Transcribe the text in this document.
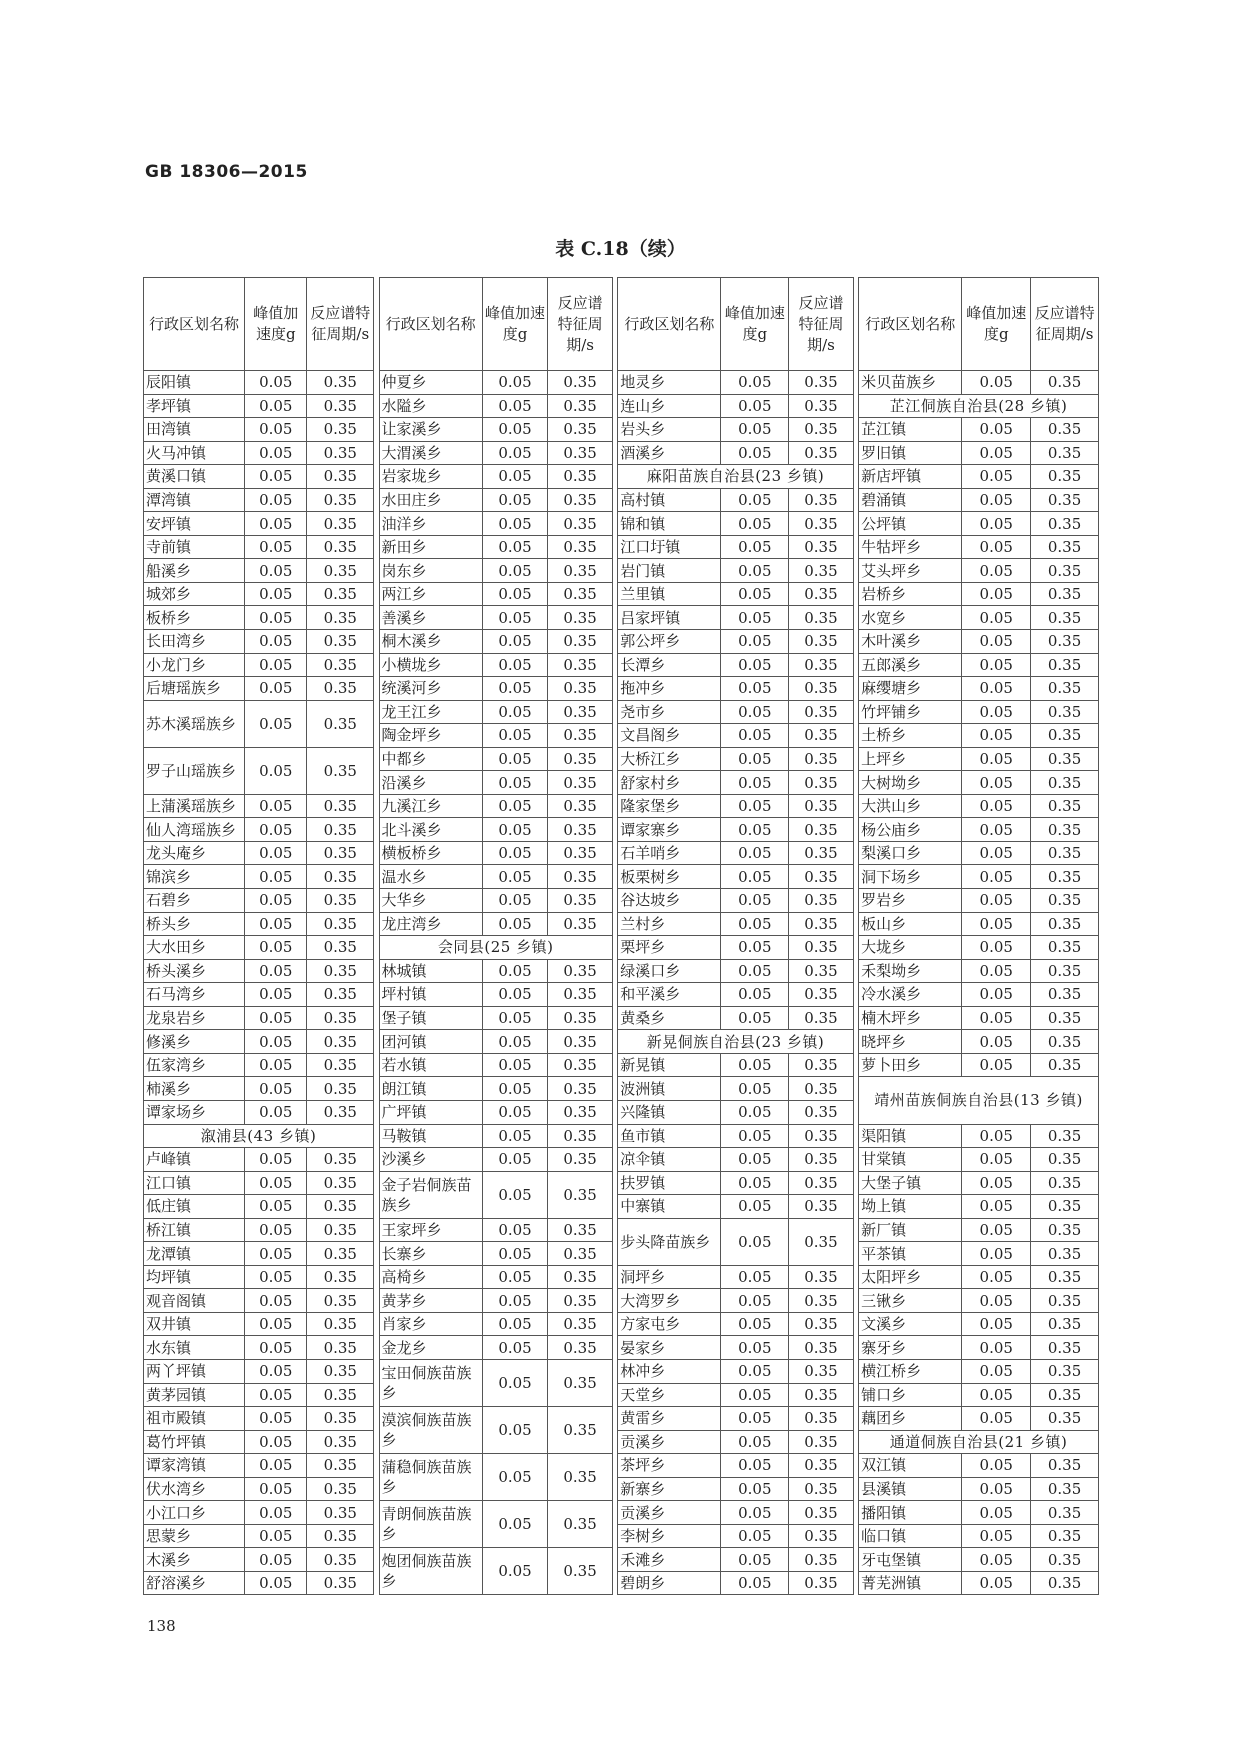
GB 18306—2015
表 C.18（续）
行政区划名称	峰值加速度g	反应谱特征周期/s		行政区划名称	峰值加速度g	反应谱特征周期/s		行政区划名称	峰值加速度g	反应谱特征周期/s		行政区划名称	峰值加速度g	反应谱特征周期/s
辰阳镇	0.05	0.35		仲夏乡	0.05	0.35		地灵乡	0.05	0.35		米贝苗族乡	0.05	0.35
孝坪镇	0.05	0.35		水隘乡	0.05	0.35		连山乡	0.05	0.35		芷江侗族自治县(28 乡镇)		
田湾镇	0.05	0.35		让家溪乡	0.05	0.35		岩头乡	0.05	0.35		芷江镇	0.05	0.35
火马冲镇	0.05	0.35		大渭溪乡	0.05	0.35		酒溪乡	0.05	0.35		罗旧镇	0.05	0.35
黄溪口镇	0.05	0.35		岩家垅乡	0.05	0.35		麻阳苗族自治县(23 乡镇)				新店坪镇	0.05	0.35
潭湾镇	0.05	0.35		水田庄乡	0.05	0.35		高村镇	0.05	0.35		碧涌镇	0.05	0.35
安坪镇	0.05	0.35		油洋乡	0.05	0.35		锦和镇	0.05	0.35		公坪镇	0.05	0.35
寺前镇	0.05	0.35		新田乡	0.05	0.35		江口圩镇	0.05	0.35		牛牯坪乡	0.05	0.35
船溪乡	0.05	0.35		岗东乡	0.05	0.35		岩门镇	0.05	0.35		艾头坪乡	0.05	0.35
城郊乡	0.05	0.35		两江乡	0.05	0.35		兰里镇	0.05	0.35		岩桥乡	0.05	0.35
板桥乡	0.05	0.35		善溪乡	0.05	0.35		吕家坪镇	0.05	0.35		水宽乡	0.05	0.35
长田湾乡	0.05	0.35		桐木溪乡	0.05	0.35		郭公坪乡	0.05	0.35		木叶溪乡	0.05	0.35
小龙门乡	0.05	0.35		小横垅乡	0.05	0.35		长潭乡	0.05	0.35		五郎溪乡	0.05	0.35
后塘瑶族乡	0.05	0.35		统溪河乡	0.05	0.35		拖冲乡	0.05	0.35		麻缨塘乡	0.05	0.35
苏木溪瑶族乡	0.05	0.35		龙王江乡	0.05	0.35		尧市乡	0.05	0.35		竹坪铺乡	0.05	0.35
				陶金坪乡	0.05	0.35		文昌阁乡	0.05	0.35		土桥乡	0.05	0.35
罗子山瑶族乡	0.05	0.35		中都乡	0.05	0.35		大桥江乡	0.05	0.35		上坪乡	0.05	0.35
				沿溪乡	0.05	0.35		舒家村乡	0.05	0.35		大树坳乡	0.05	0.35
上蒲溪瑶族乡	0.05	0.35		九溪江乡	0.05	0.35		隆家堡乡	0.05	0.35		大洪山乡	0.05	0.35
仙人湾瑶族乡	0.05	0.35		北斗溪乡	0.05	0.35		谭家寨乡	0.05	0.35		杨公庙乡	0.05	0.35
龙头庵乡	0.05	0.35		横板桥乡	0.05	0.35		石羊哨乡	0.05	0.35		梨溪口乡	0.05	0.35
锦滨乡	0.05	0.35		温水乡	0.05	0.35		板栗树乡	0.05	0.35		洞下场乡	0.05	0.35
石碧乡	0.05	0.35		大华乡	0.05	0.35		谷达坡乡	0.05	0.35		罗岩乡	0.05	0.35
桥头乡	0.05	0.35		龙庄湾乡	0.05	0.35		兰村乡	0.05	0.35		板山乡	0.05	0.35
大水田乡	0.05	0.35		会同县(25 乡镇)				栗坪乡	0.05	0.35		大垅乡	0.05	0.35
桥头溪乡	0.05	0.35		林城镇	0.05	0.35		绿溪口乡	0.05	0.35		禾梨坳乡	0.05	0.35
石马湾乡	0.05	0.35		坪村镇	0.05	0.35		和平溪乡	0.05	0.35		冷水溪乡	0.05	0.35
龙泉岩乡	0.05	0.35		堡子镇	0.05	0.35		黄桑乡	0.05	0.35		楠木坪乡	0.05	0.35
修溪乡	0.05	0.35		团河镇	0.05	0.35		新晃侗族自治县(23 乡镇)				晓坪乡	0.05	0.35
伍家湾乡	0.05	0.35		若水镇	0.05	0.35		新晃镇	0.05	0.35		萝卜田乡	0.05	0.35
柿溪乡	0.05	0.35		朗江镇	0.05	0.35		波洲镇	0.05	0.35		靖州苗族侗族自治县(13 乡镇)		
谭家场乡	0.05	0.35		广坪镇	0.05	0.35		兴隆镇	0.05	0.35				
溆浦县(43 乡镇)				马鞍镇	0.05	0.35		鱼市镇	0.05	0.35		渠阳镇	0.05	0.35
卢峰镇	0.05	0.35		沙溪乡	0.05	0.35		凉伞镇	0.05	0.35		甘棠镇	0.05	0.35
江口镇	0.05	0.35		金子岩侗族苗族乡	0.05	0.35		扶罗镇	0.05	0.35		大堡子镇	0.05	0.35
低庄镇	0.05	0.35						中寨镇	0.05	0.35		坳上镇	0.05	0.35
桥江镇	0.05	0.35		王家坪乡	0.05	0.35		步头降苗族乡	0.05	0.35		新厂镇	0.05	0.35
龙潭镇	0.05	0.35		长寨乡	0.05	0.35						平茶镇	0.05	0.35
均坪镇	0.05	0.35		高椅乡	0.05	0.35		洞坪乡	0.05	0.35		太阳坪乡	0.05	0.35
观音阁镇	0.05	0.35		黄茅乡	0.05	0.35		大湾罗乡	0.05	0.35		三锹乡	0.05	0.35
双井镇	0.05	0.35		肖家乡	0.05	0.35		方家屯乡	0.05	0.35		文溪乡	0.05	0.35
水东镇	0.05	0.35		金龙乡	0.05	0.35		晏家乡	0.05	0.35		寨牙乡	0.05	0.35
两丫坪镇	0.05	0.35		宝田侗族苗族乡	0.05	0.35		林冲乡	0.05	0.35		横江桥乡	0.05	0.35
黄茅园镇	0.05	0.35						天堂乡	0.05	0.35		铺口乡	0.05	0.35
祖市殿镇	0.05	0.35		漠滨侗族苗族乡	0.05	0.35		黄雷乡	0.05	0.35		藕团乡	0.05	0.35
葛竹坪镇	0.05	0.35						贡溪乡	0.05	0.35		通道侗族自治县(21 乡镇)		
谭家湾镇	0.05	0.35		蒲稳侗族苗族乡	0.05	0.35		茶坪乡	0.05	0.35		双江镇	0.05	0.35
伏水湾乡	0.05	0.35						新寨乡	0.05	0.35		县溪镇	0.05	0.35
小江口乡	0.05	0.35		青朗侗族苗族乡	0.05	0.35		贡溪乡	0.05	0.35		播阳镇	0.05	0.35
思蒙乡	0.05	0.35						李树乡	0.05	0.35		临口镇	0.05	0.35
木溪乡	0.05	0.35		炮团侗族苗族乡	0.05	0.35		禾滩乡	0.05	0.35		牙屯堡镇	0.05	0.35
舒溶溪乡	0.05	0.35						碧朗乡	0.05	0.35		菁芜洲镇	0.05	0.35
138
